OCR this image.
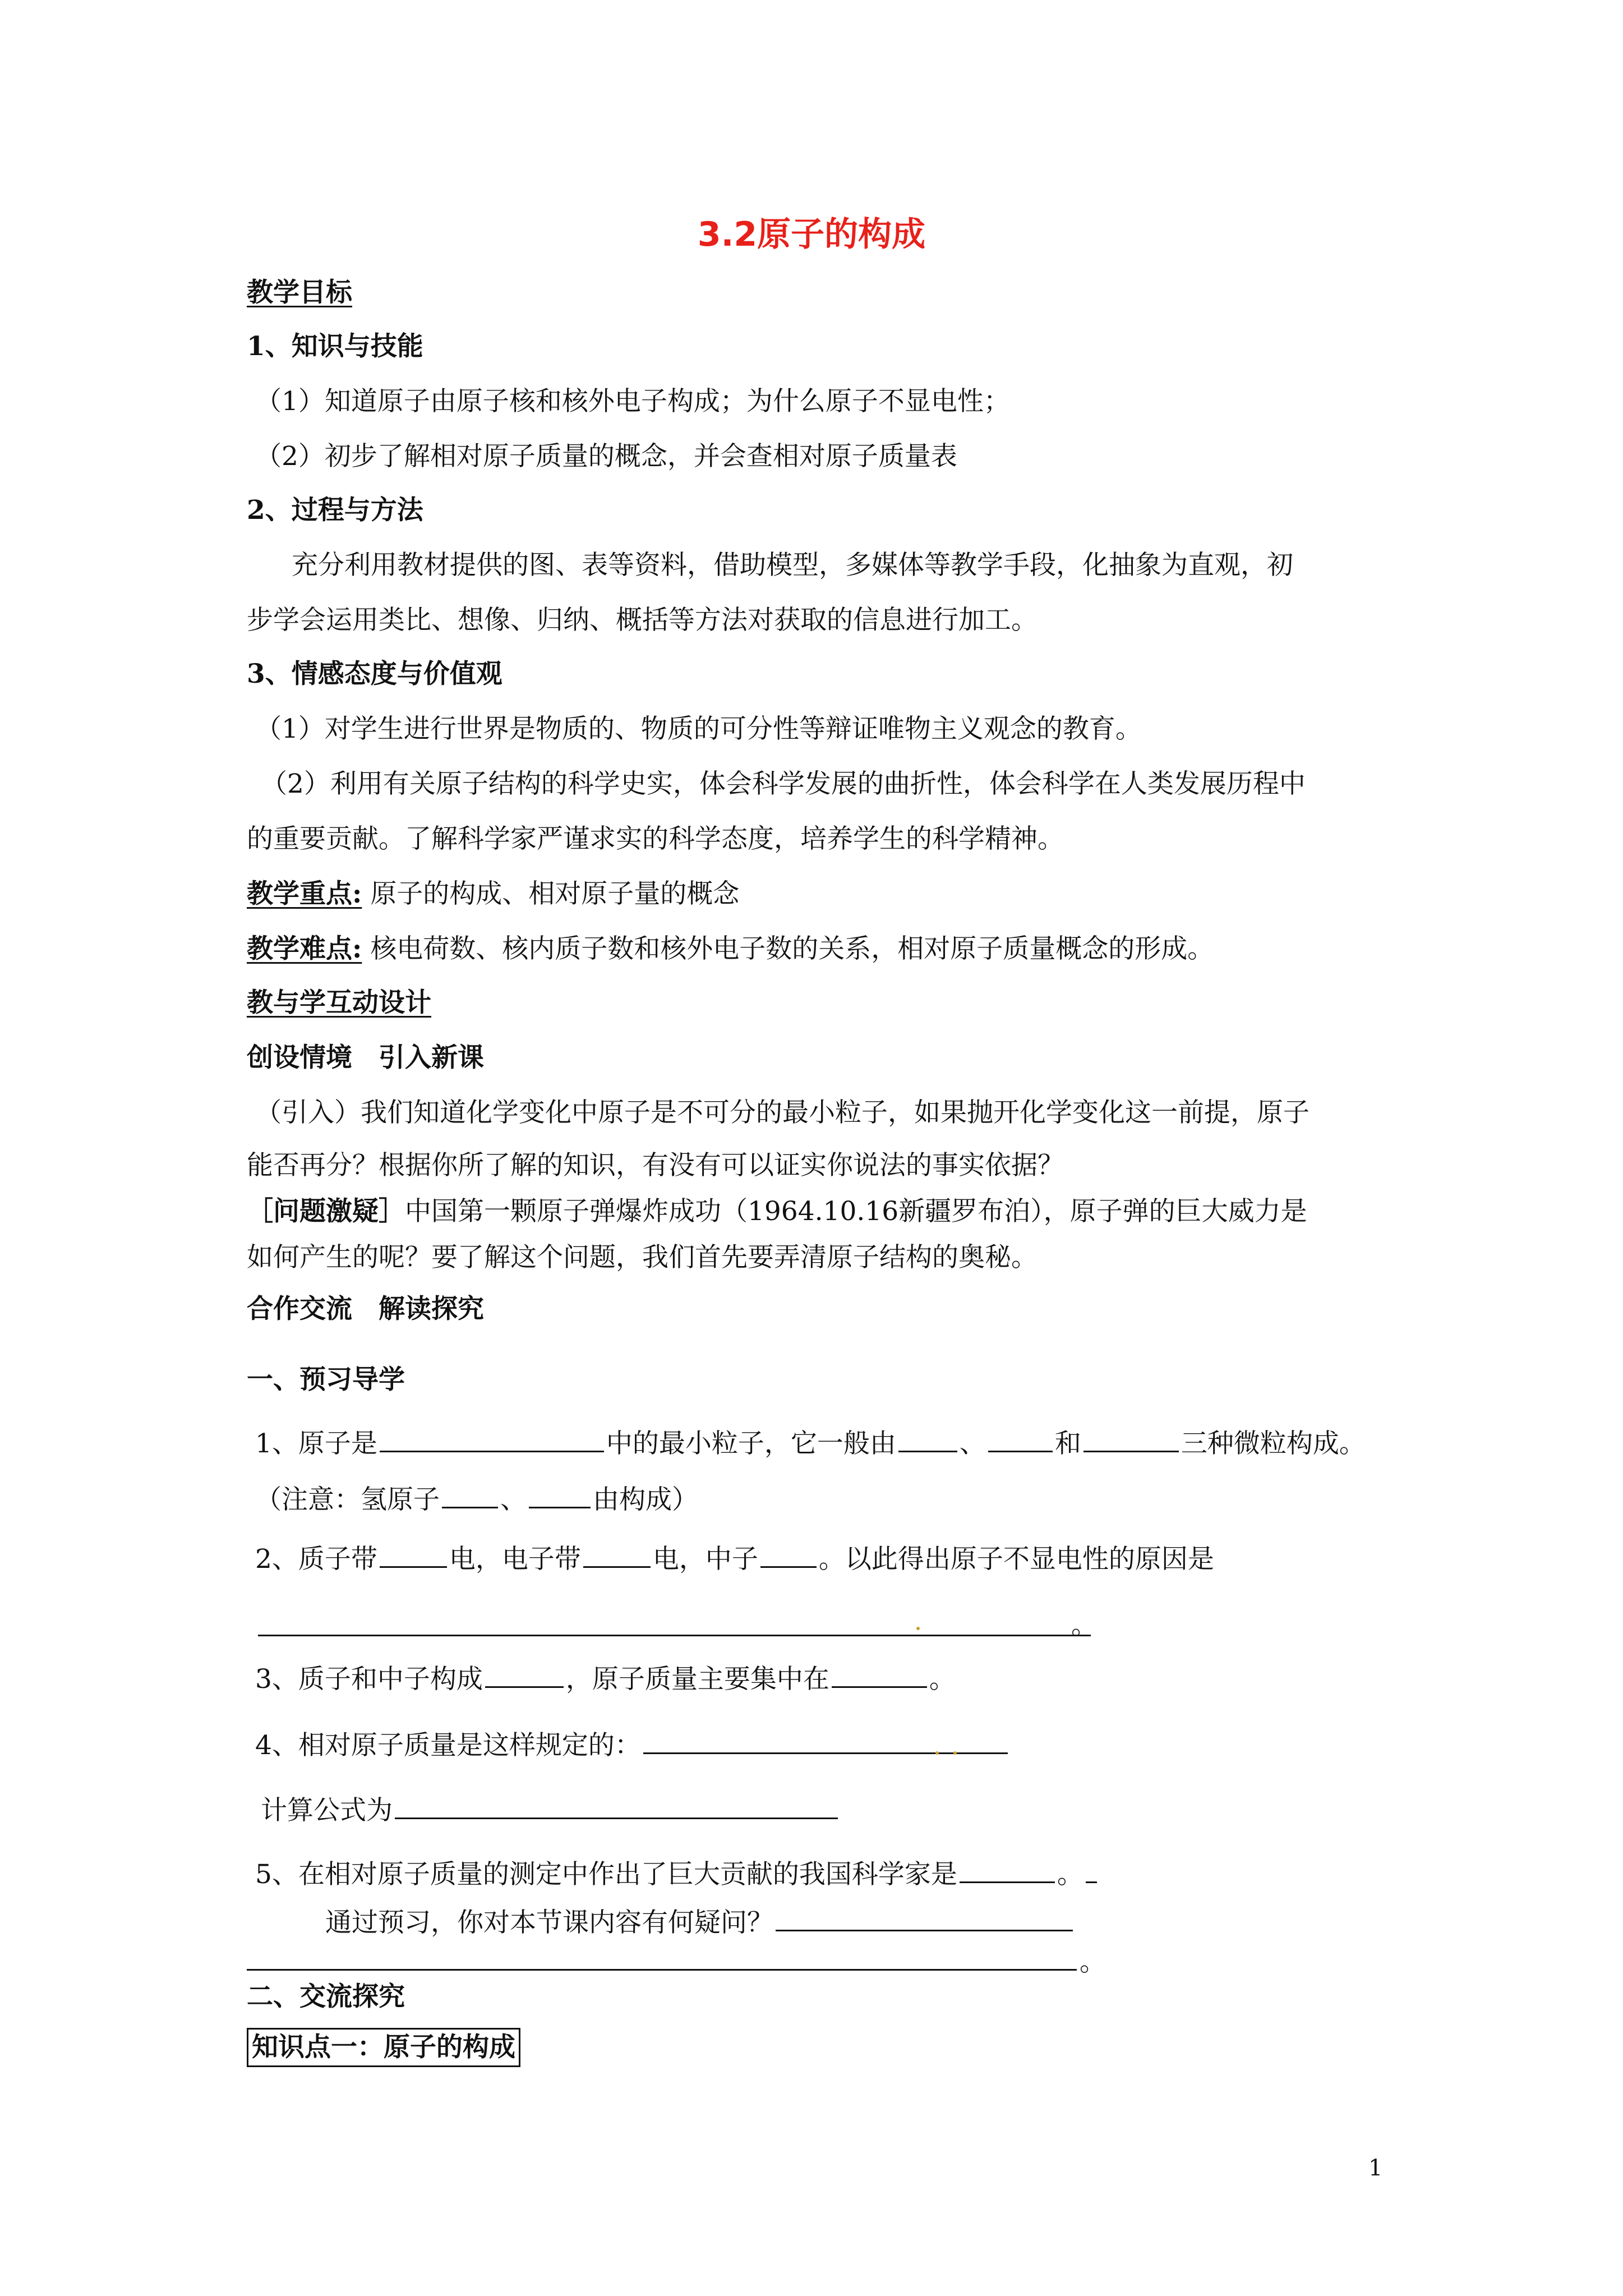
3.2原子的构成
教学目标
1、知识与技能
（1）知道原子由原子核和核外电子构成；为什么原子不显电性；
（2）初步了解相对原子质量的概念，并会查相对原子质量表
2、过程与方法
充分利用教材提供的图、表等资料，借助模型，多媒体等教学手段，化抽象为直观，初
步学会运用类比、想像、归纳、概括等方法对获取的信息进行加工。
3、情感态度与价值观
（1）对学生进行世界是物质的、物质的可分性等辩证唯物主义观念的教育。
（2）利用有关原子结构的科学史实，体会科学发展的曲折性，体会科学在人类发展历程中
的重要贡献。了解科学家严谨求实的科学态度，培养学生的科学精神。
教学重点: 原子的构成、相对原子量的概念
教学难点: 核电荷数、核内质子数和核外电子数的关系，相对原子质量概念的形成。
教与学互动设计
创设情境　引入新课
（引入）我们知道化学变化中原子是不可分的最小粒子，如果抛开化学变化这一前提，原子
能否再分？根据你所了解的知识，有没有可以证实你说法的事实依据？
［问题激疑］中国第一颗原子弹爆炸成功（1964.10.16新疆罗布泊），原子弹的巨大威力是
如何产生的呢？要了解这个问题，我们首先要弄清原子结构的奥秘。
合作交流　解读探究
一、预习导学
1、原子是	中的最小粒子，它一般由 、	和	三种微粒构成。
（注意：氢原子 、	由构成）
2、质子带	电，电子带	电，中子 。以此得出原子不显电性的原因是
。
3、质子和中子构成	，原子质量主要集中在	。
4、相对原子质量是这样规定的：
计算公式为
5、在相对原子质量的测定中作出了巨大贡献的我国科学家是	。
通过预习，你对本节课内容有何疑问？
。
二、交流探究
知识点一：原子的构成
1
